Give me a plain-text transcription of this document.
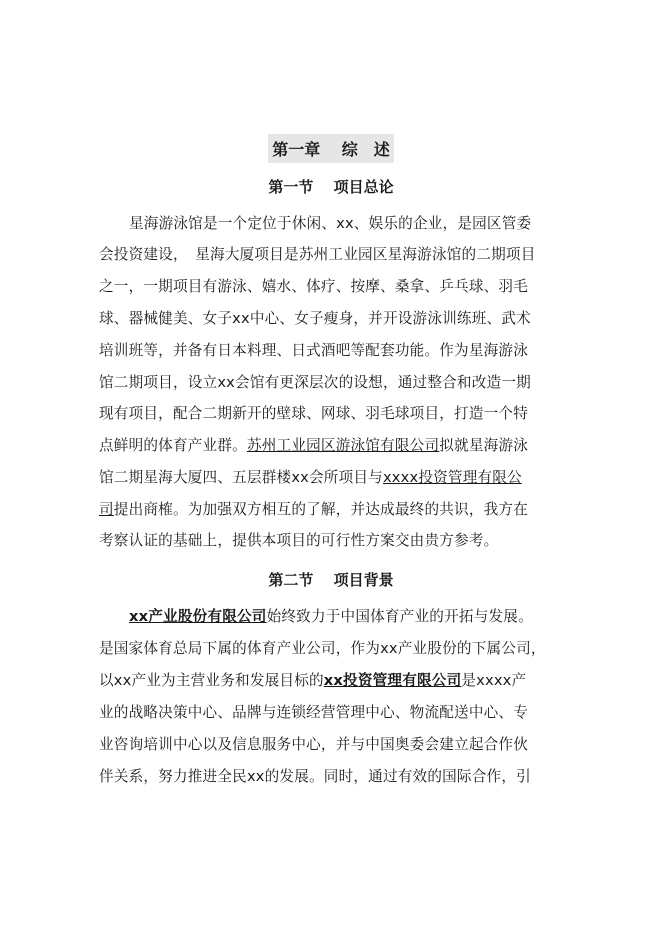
第一章　 综　述
第一节　 项目总论
星海游泳馆是一个定位于休闲、xx、娱乐的企业，是园区管委
会投资建设，　星海大厦项目是苏州工业园区星海游泳馆的二期项目
之一，一期项目有游泳、嬉水、体疗、按摩、桑拿、乒乓球、羽毛
球、器械健美、女子xx中心、女子瘦身，并开设游泳训练班、武术
培训班等，并备有日本料理、日式酒吧等配套功能。作为星海游泳
馆二期项目，设立xx会馆有更深层次的设想，通过整合和改造一期
现有项目，配合二期新开的壁球、网球、羽毛球项目，打造一个特
点鲜明的体育产业群。苏州工业园区游泳馆有限公司拟就星海游泳
馆二期星海大厦四、五层群楼xx会所项目与xxxx投资管理有限公
司提出商榷。为加强双方相互的了解，并达成最终的共识，我方在
考察认证的基础上，提供本项目的可行性方案交由贵方参考。
第二节　 项目背景
xx产业股份有限公司始终致力于中国体育产业的开拓与发展。
是国家体育总局下属的体育产业公司，作为xx产业股份的下属公司，
以xx产业为主营业务和发展目标的xx投资管理有限公司是xxxx产
业的战略决策中心、品牌与连锁经营管理中心、物流配送中心、专
业咨询培训中心以及信息服务中心，并与中国奥委会建立起合作伙
伴关系，努力推进全民xx的发展。同时，通过有效的国际合作，引
